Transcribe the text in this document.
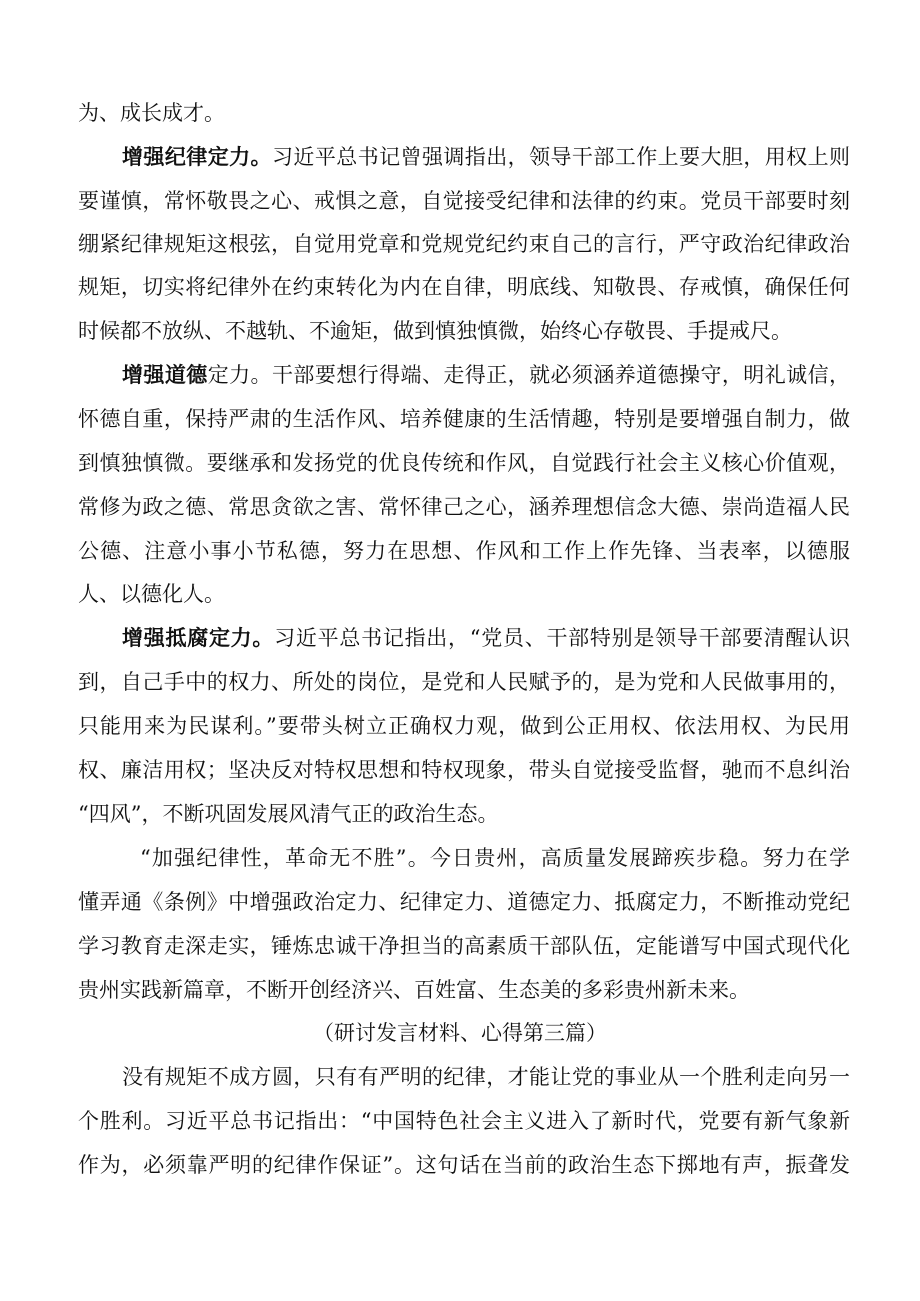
为、成长成才。
增强纪律定力。习近平总书记曾强调指出，领导干部工作上要大胆，用权上则
要谨慎，常怀敬畏之心、戒惧之意，自觉接受纪律和法律的约束。党员干部要时刻
绷紧纪律规矩这根弦，自觉用党章和党规党纪约束自己的言行，严守政治纪律政治
规矩，切实将纪律外在约束转化为内在自律，明底线、知敬畏、存戒慎，确保任何
时候都不放纵、不越轨、不逾矩，做到慎独慎微，始终心存敬畏、手提戒尺。
增强道德定力。干部要想行得端、走得正，就必须涵养道德操守，明礼诚信，
怀德自重，保持严肃的生活作风、培养健康的生活情趣，特别是要增强自制力，做
到慎独慎微。要继承和发扬党的优良传统和作风，自觉践行社会主义核心价值观，
常修为政之德、常思贪欲之害、常怀律己之心，涵养理想信念大德、崇尚造福人民
公德、注意小事小节私德，努力在思想、作风和工作上作先锋、当表率，以德服
人、以德化人。
增强抵腐定力。习近平总书记指出，“党员、干部特别是领导干部要清醒认识
到，自己手中的权力、所处的岗位，是党和人民赋予的，是为党和人民做事用的，
只能用来为民谋利。”要带头树立正确权力观，做到公正用权、依法用权、为民用
权、廉洁用权；坚决反对特权思想和特权现象，带头自觉接受监督，驰而不息纠治
“四风”，不断巩固发展风清气正的政治生态。
“加强纪律性，革命无不胜”。今日贵州，高质量发展蹄疾步稳。努力在学
懂弄通《条例》中增强政治定力、纪律定力、道德定力、抵腐定力，不断推动党纪
学习教育走深走实，锤炼忠诚干净担当的高素质干部队伍，定能谱写中国式现代化
贵州实践新篇章，不断开创经济兴、百姓富、生态美的多彩贵州新未来。
（研讨发言材料、心得第三篇）
没有规矩不成方圆，只有有严明的纪律，才能让党的事业从一个胜利走向另一
个胜利。习近平总书记指出：“中国特色社会主义进入了新时代，党要有新气象新
作为，必须靠严明的纪律作保证”。这句话在当前的政治生态下掷地有声，振聋发
